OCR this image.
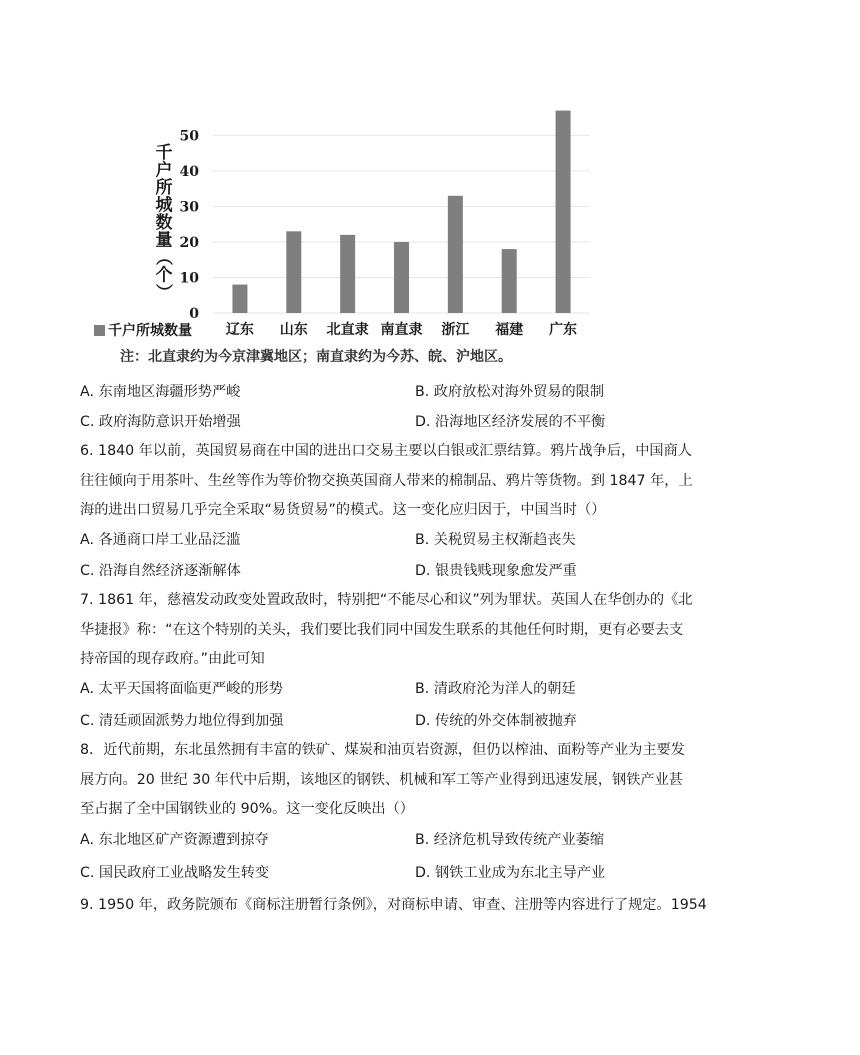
0
10
20
30
40
50
辽东 山东 北直隶 南直隶 浙江 福建 广东
千
户
所
城
数
量
（
个
）
千户所城数量
注：北直隶约为今京津冀地区；南直隶约为今苏、皖、沪地区。
A. 东南地区海疆形势严峻	B. 政府放松对海外贸易的限制
C. 政府海防意识开始增强	D. 沿海地区经济发展的不平衡
6. 1840 年以前，英国贸易商在中国的进出口交易主要以白银或汇票结算。鸦片战争后，中国商人
往往倾向于用茶叶、生丝等作为等价物交换英国商人带来的棉制品、鸦片等货物。到 1847 年，上
海的进出口贸易几乎完全采取“易货贸易”的模式。这一变化应归因于，中国当时（）
A. 各通商口岸工业品泛滥	B. 关税贸易主权渐趋丧失
C. 沿海自然经济逐渐解体	D. 银贵钱贱现象愈发严重
7. 1861 年，慈禧发动政变处置政敌时，特别把“不能尽心和议”列为罪状。英国人在华创办的《北
华捷报》称：“在这个特别的关头，我们要比我们同中国发生联系的其他任何时期，更有必要去支
持帝国的现存政府。”由此可知
A. 太平天国将面临更严峻的形势	B. 清政府沦为洋人的朝廷
C. 清廷顽固派势力地位得到加强	D. 传统的外交体制被抛弃
8．近代前期，东北虽然拥有丰富的铁矿、煤炭和油页岩资源，但仍以榨油、面粉等产业为主要发
展方向。20 世纪 30 年代中后期，该地区的钢铁、机械和军工等产业得到迅速发展，钢铁产业甚
至占据了全中国钢铁业的 90%。这一变化反映出（）
A. 东北地区矿产资源遭到掠夺	B. 经济危机导致传统产业萎缩
C. 国民政府工业战略发生转变	D. 钢铁工业成为东北主导产业
9. 1950 年，政务院颁布《商标注册暂行条例》，对商标申请、审查、注册等内容进行了规定。1954
